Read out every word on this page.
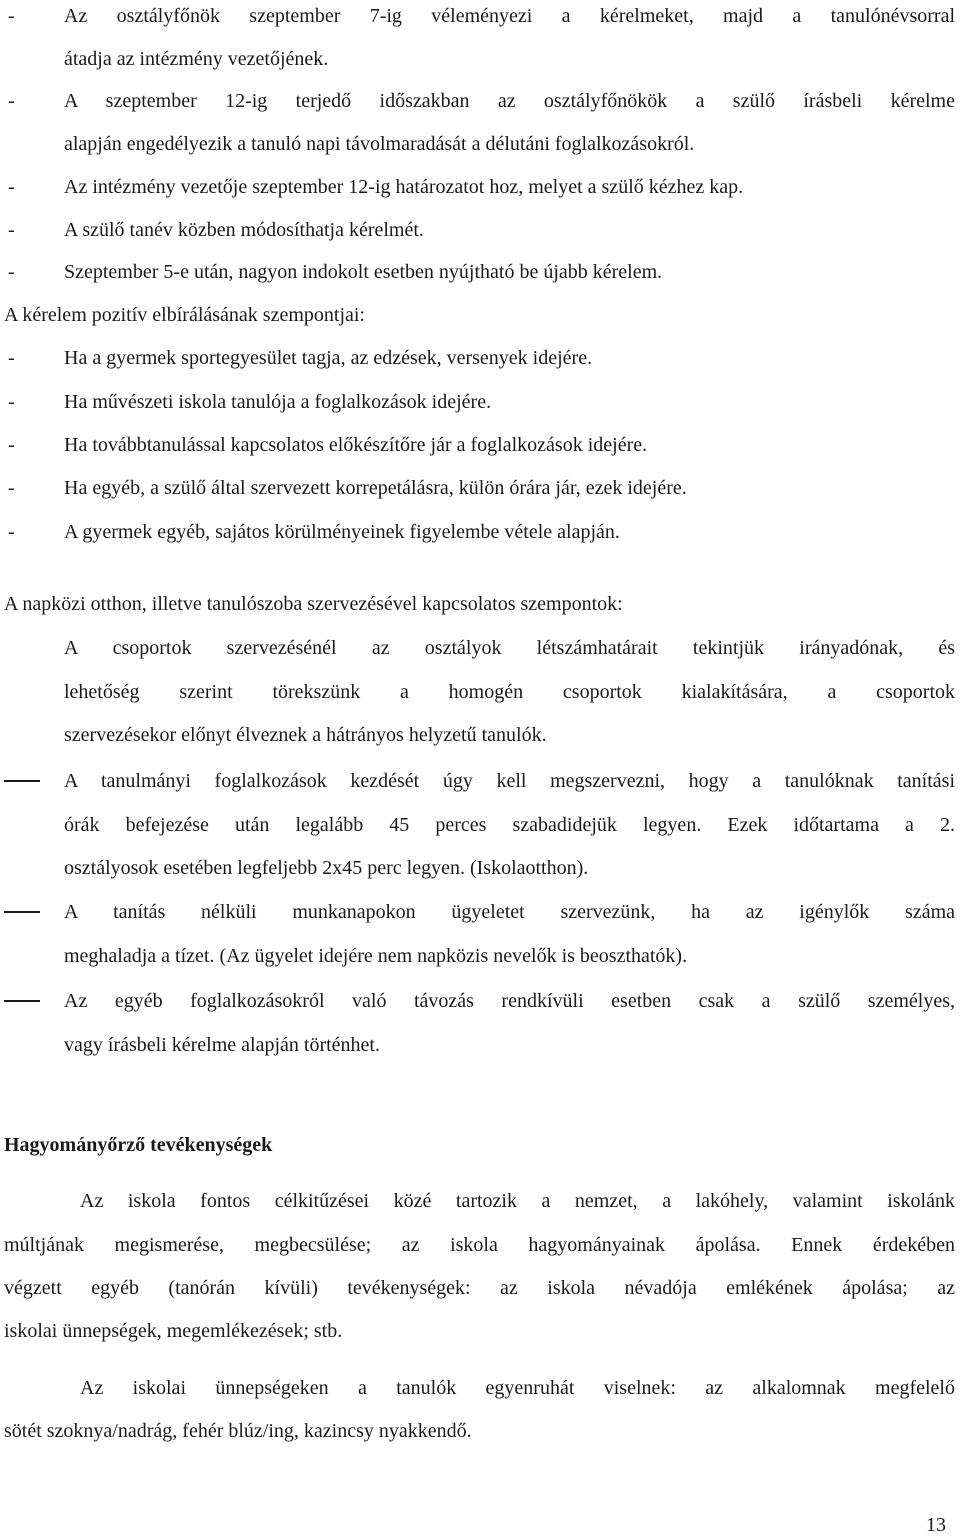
- Az osztályfőnök szeptember 7-ig véleményezi a kérelmeket, majd a tanulónévsorral
átadja az intézmény vezetőjének.
- A szeptember 12-ig terjedő időszakban az osztályfőnökök a szülő írásbeli kérelme
alapján engedélyezik a tanuló napi távolmaradását a délutáni foglalkozásokról.
- Az intézmény vezetője szeptember 12-ig határozatot hoz, melyet a szülő kézhez kap.
- A szülő tanév közben módosíthatja kérelmét.
- Szeptember 5-e után, nagyon indokolt esetben nyújtható be újabb kérelem.
A kérelem pozitív elbírálásának szempontjai:
- Ha a gyermek sportegyesület tagja, az edzések, versenyek idejére.
- Ha művészeti iskola tanulója a foglalkozások idejére.
- Ha továbbtanulással kapcsolatos előkészítőre jár a foglalkozások idejére.
- Ha egyéb, a szülő által szervezett korrepetálásra, külön órára jár, ezek idejére.
- A gyermek egyéb, sajátos körülményeinek figyelembe vétele alapján.
A napközi otthon, illetve tanulószoba szervezésével kapcsolatos szempontok:
A csoportok szervezésénél az osztályok létszámhatárait tekintjük irányadónak, és
lehetőség szerint törekszünk a homogén csoportok kialakítására, a csoportok
szervezésekor előnyt élveznek a hátrányos helyzetű tanulók.
A tanulmányi foglalkozások kezdését úgy kell megszervezni, hogy a tanulóknak tanítási
órák befejezése után legalább 45 perces szabadidejük legyen. Ezek időtartama a 2.
osztályosok esetében legfeljebb 2x45 perc legyen. (Iskolaotthon).
A tanítás nélküli munkanapokon ügyeletet szervezünk, ha az igénylők száma
meghaladja a tízet. (Az ügyelet idejére nem napközis nevelők is beoszthatók).
Az egyéb foglalkozásokról való távozás rendkívüli esetben csak a szülő személyes,
vagy írásbeli kérelme alapján történhet.
Hagyományőrző tevékenységek
Az iskola fontos célkitűzései közé tartozik a nemzet, a lakóhely, valamint iskolánk
múltjának megismerése, megbecsülése; az iskola hagyományainak ápolása. Ennek érdekében
végzett egyéb (tanórán kívüli) tevékenységek: az iskola névadója emlékének ápolása; az
iskolai ünnepségek, megemlékezések; stb.
Az iskolai ünnepségeken a tanulók egyenruhát viselnek: az alkalomnak megfelelő
sötét szoknya/nadrág, fehér blúz/ing, kazincsy nyakkendő.
13
